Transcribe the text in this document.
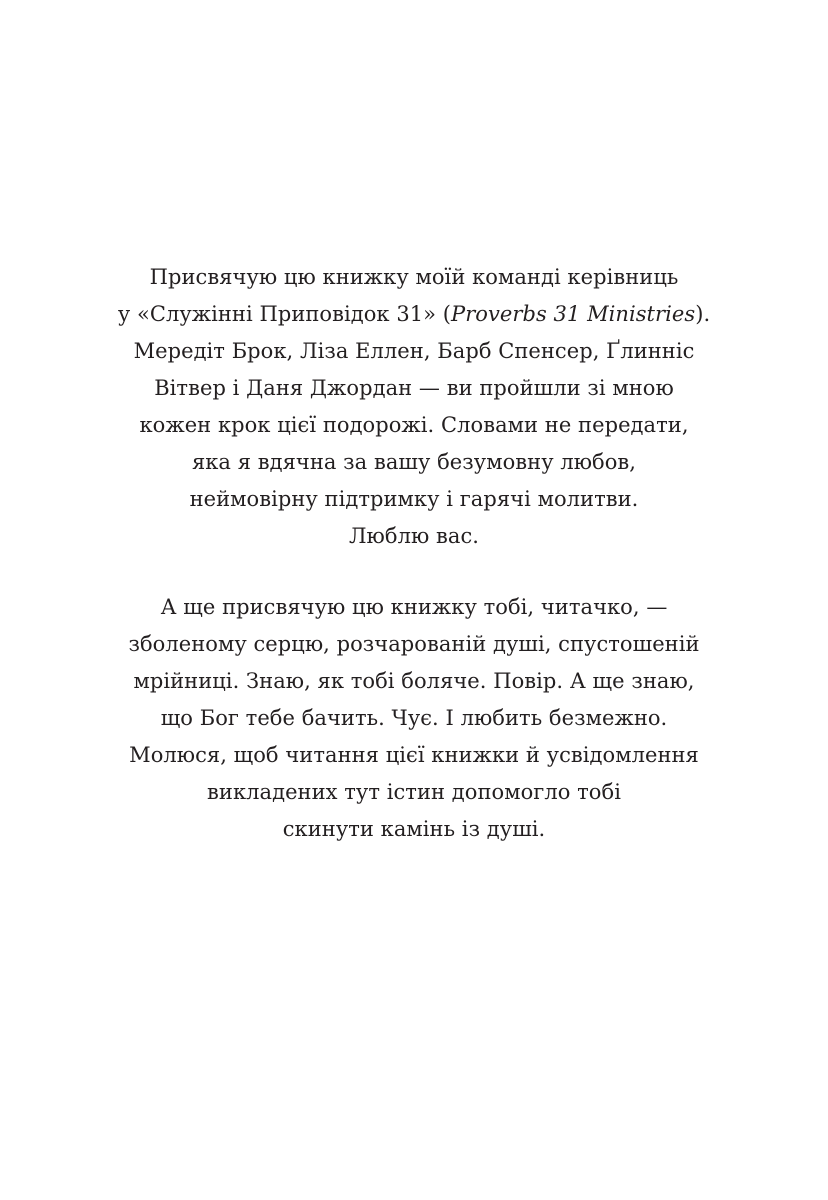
Присвячую цю книжку моїй команді керівниць
у «Служінні Приповідок 31» (Proverbs 31 Ministries).
Мередіт Брок, Ліза Еллен, Барб Спенсер, Ґлинніс
Вітвер і Даня Джордан — ви пройшли зі мною
кожен крок цієї подорожі. Словами не передати,
яка я вдячна за вашу безумовну любов,
неймовірну підтримку і гарячі молитви.
Люблю вас.
А ще присвячую цю книжку тобі, читачко, —
зболеному серцю, розчарованій душі, спустошеній
мрійниці. Знаю, як тобі боляче. Повір. А ще знаю,
що Бог тебе бачить. Чує. І любить безмежно.
Молюся, щоб читання цієї книжки й усвідомлення
викладених тут істин допомогло тобі
скинути камінь із душі.
